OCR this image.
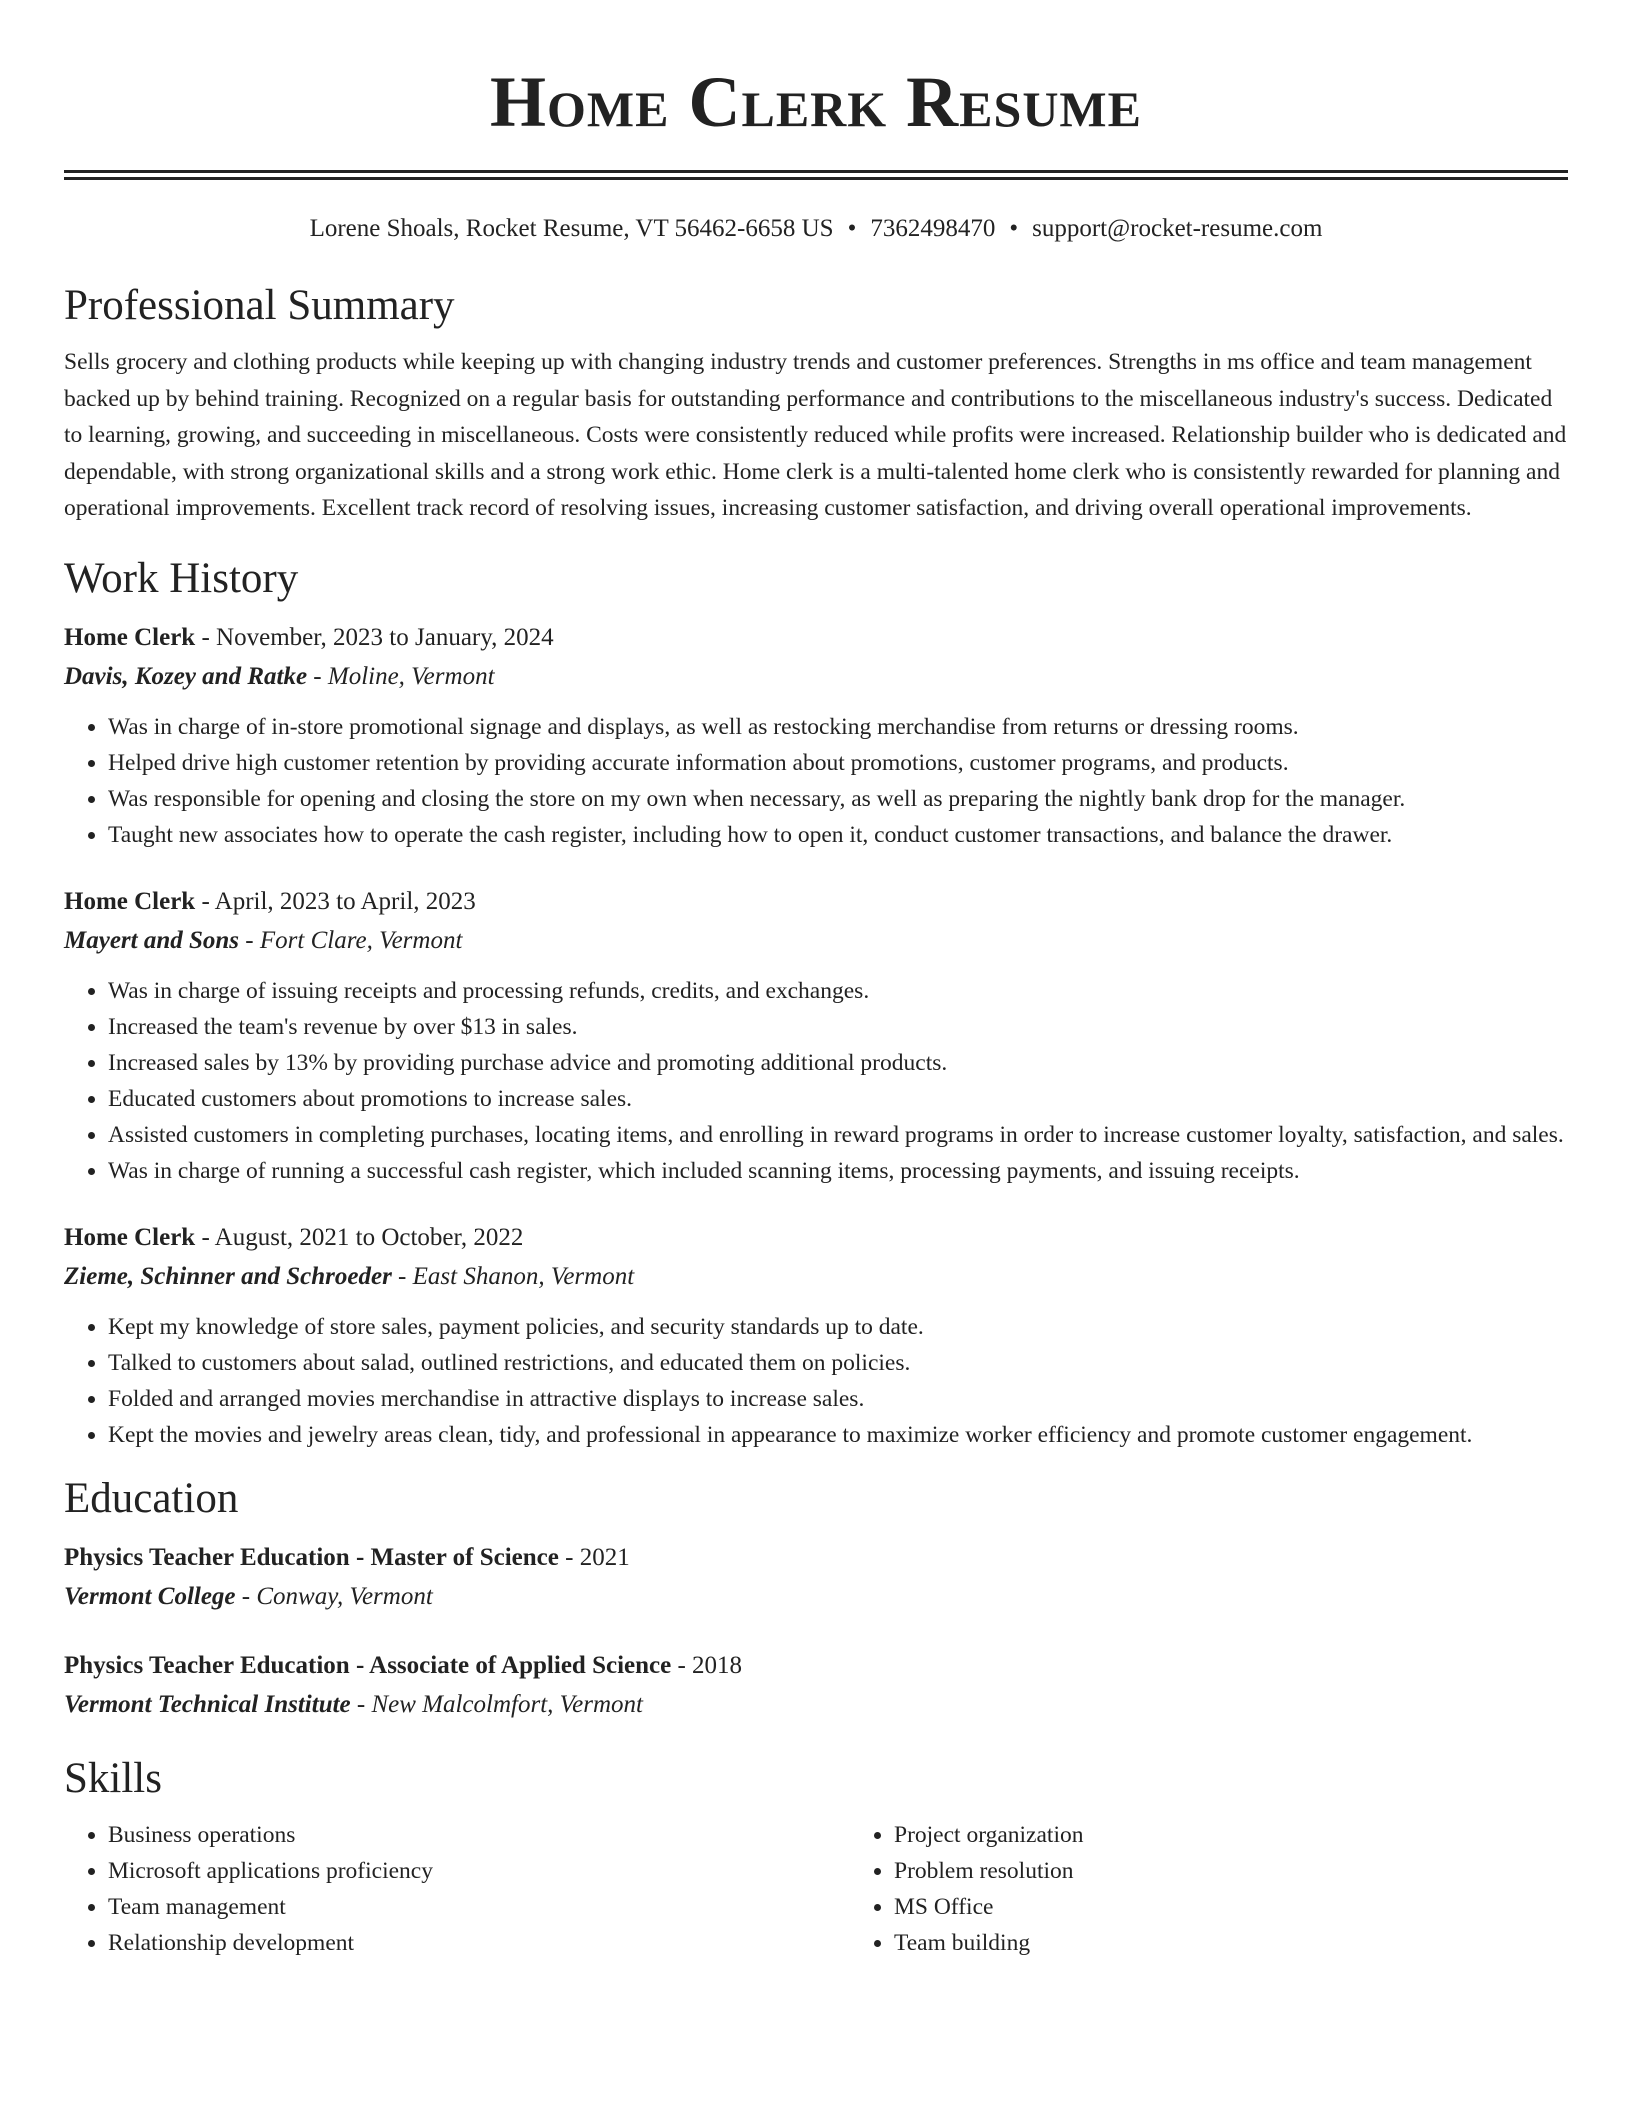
Home Clerk Resume
Lorene Shoals, Rocket Resume, VT 56462-6658 US • 7362498470 • support@rocket-resume.com
Professional Summary

Sells grocery and clothing products while keeping up with changing industry trends and customer preferences. Strengths in ms office and team management backed up by behind training. Recognized on a regular basis for outstanding performance and contributions to the miscellaneous industry's success. Dedicated to learning, growing, and succeeding in miscellaneous. Costs were consistently reduced while profits were increased. Relationship builder who is dedicated and dependable, with strong organizational skills and a strong work ethic. Home clerk is a multi-talented home clerk who is consistently rewarded for planning and operational improvements. Excellent track record of resolving issues, increasing customer satisfaction, and driving overall operational improvements.

Work History
Home Clerk - November, 2023 to January, 2024
Davis, Kozey and Ratke - Moline, Vermont
• Was in charge of in-store promotional signage and displays, as well as restocking merchandise from returns or dressing rooms.
• Helped drive high customer retention by providing accurate information about promotions, customer programs, and products.
• Was responsible for opening and closing the store on my own when necessary, as well as preparing the nightly bank drop for the manager.
• Taught new associates how to operate the cash register, including how to open it, conduct customer transactions, and balance the drawer.
Home Clerk - April, 2023 to April, 2023
Mayert and Sons - Fort Clare, Vermont
• Was in charge of issuing receipts and processing refunds, credits, and exchanges.
• Increased the team's revenue by over $13 in sales.
• Increased sales by 13% by providing purchase advice and promoting additional products.
• Educated customers about promotions to increase sales.
• Assisted customers in completing purchases, locating items, and enrolling in reward programs in order to increase customer loyalty, satisfaction, and sales.
• Was in charge of running a successful cash register, which included scanning items, processing payments, and issuing receipts.
Home Clerk - August, 2021 to October, 2022
Zieme, Schinner and Schroeder - East Shanon, Vermont
• Kept my knowledge of store sales, payment policies, and security standards up to date.
• Talked to customers about salad, outlined restrictions, and educated them on policies.
• Folded and arranged movies merchandise in attractive displays to increase sales.
• Kept the movies and jewelry areas clean, tidy, and professional in appearance to maximize worker efficiency and promote customer engagement.
Education
Physics Teacher Education - Master of Science - 2021
Vermont College - Conway, Vermont
Physics Teacher Education - Associate of Applied Science - 2018
Vermont Technical Institute - New Malcolmfort, Vermont
Skills
• Business operations
• Microsoft applications proficiency
• Team management
• Relationship development
• Project organization
• Problem resolution
• MS Office
• Team building
